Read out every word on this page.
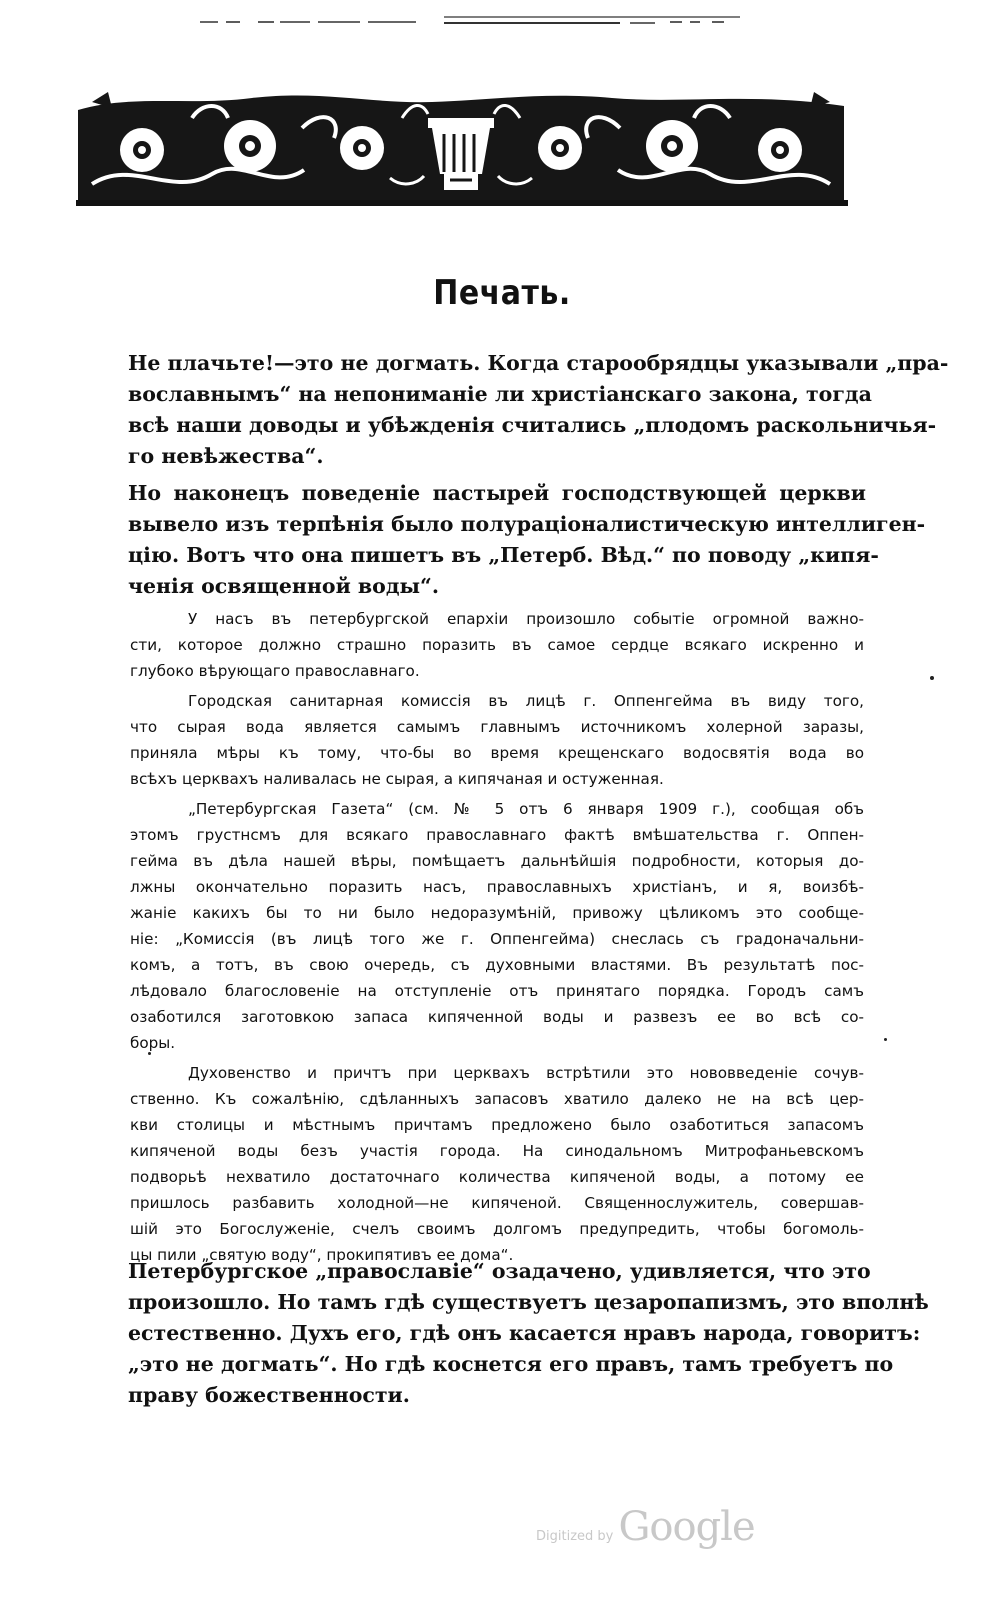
Печать.

Не плачьте!—это не догмать. Когда старообрядцы указывали „пра-
вославнымъ“ на непониманіе ли христіанскаго закона, тогда
всѣ наши доводы и убѣжденія считались „плодомъ раскольничья-
го невѣжества“.

Но наконецъ поведеніе пастырей господствующей церкви
вывело изъ терпѣнія было полураціоналистическую интеллиген-
цію. Вотъ что она пишетъ въ „Петерб. Вѣд.“ по поводу „кипя-
ченія освященной воды“.

У насъ въ петербургской епархіи произошло событіе огромной важно-
сти, которое должно страшно поразить въ самое сердце всякаго искренно и
глубоко вѣрующаго православнаго.

Городская санитарная комиссія въ лицѣ г. Оппенгейма въ виду того,
что сырая вода является самымъ главнымъ источникомъ холерной заразы,
приняла мѣры къ тому, что-бы во время крещенскаго водосвятія вода во
всѣхъ церквахъ наливалась не сырая, а кипячаная и остуженная.

„Петербургская Газета“ (см. № 5 отъ 6 января 1909 г.), сообщая объ
этомъ грустнсмъ для всякаго православнаго фактѣ вмѣшательства г. Оппен-
гейма въ дѣла нашей вѣры, помѣщаетъ дальнѣйшія подробности, которыя до-
лжны окончательно поразить насъ, православныхъ христіанъ, и я, воизбѣ-
жаніе какихъ бы то ни было недоразумѣній, привожу цѣликомъ это сообще-
ніе: „Комиссія (въ лицѣ того же г. Оппенгейма) снеслась съ градоначальни-
комъ, а тотъ, въ свою очередь, съ духовными властями. Въ результатѣ пос-
лѣдовало благословеніе на отступленіе отъ принятаго порядка. Городъ самъ
озаботился заготовкою запаса кипяченной воды и развезъ ее во всѣ со-
боры.

Духовенство и причтъ при церквахъ встрѣтили это нововведеніе сочув-
ственно. Къ сожалѣнію, сдѣланныхъ запасовъ хватило далеко не на всѣ цер-
кви столицы и мѣстнымъ причтамъ предложено было озаботиться запасомъ
кипяченой воды безъ участія города. На синодальномъ Митрофаньевскомъ
подворьѣ нехватило достаточнаго количества кипяченой воды, а потому ее
пришлось разбавить холодной—не кипяченой. Священнослужитель, совершав-
шій это Богослуженіе, счелъ своимъ долгомъ предупредить, чтобы богомоль-
цы пили „святую воду“, прокипятивъ ее дома“.

Петербургское „православіе“ озадачено, удивляется, что это
произошло. Но тамъ гдѣ существуетъ цезаропапизмъ, это вполнѣ
естественно. Духъ его, гдѣ онъ касается нравъ народа, говоритъ:
„это не догмать“. Но гдѣ коснется его правъ, тамъ требуетъ по
праву божественности.

Digitized by Google
